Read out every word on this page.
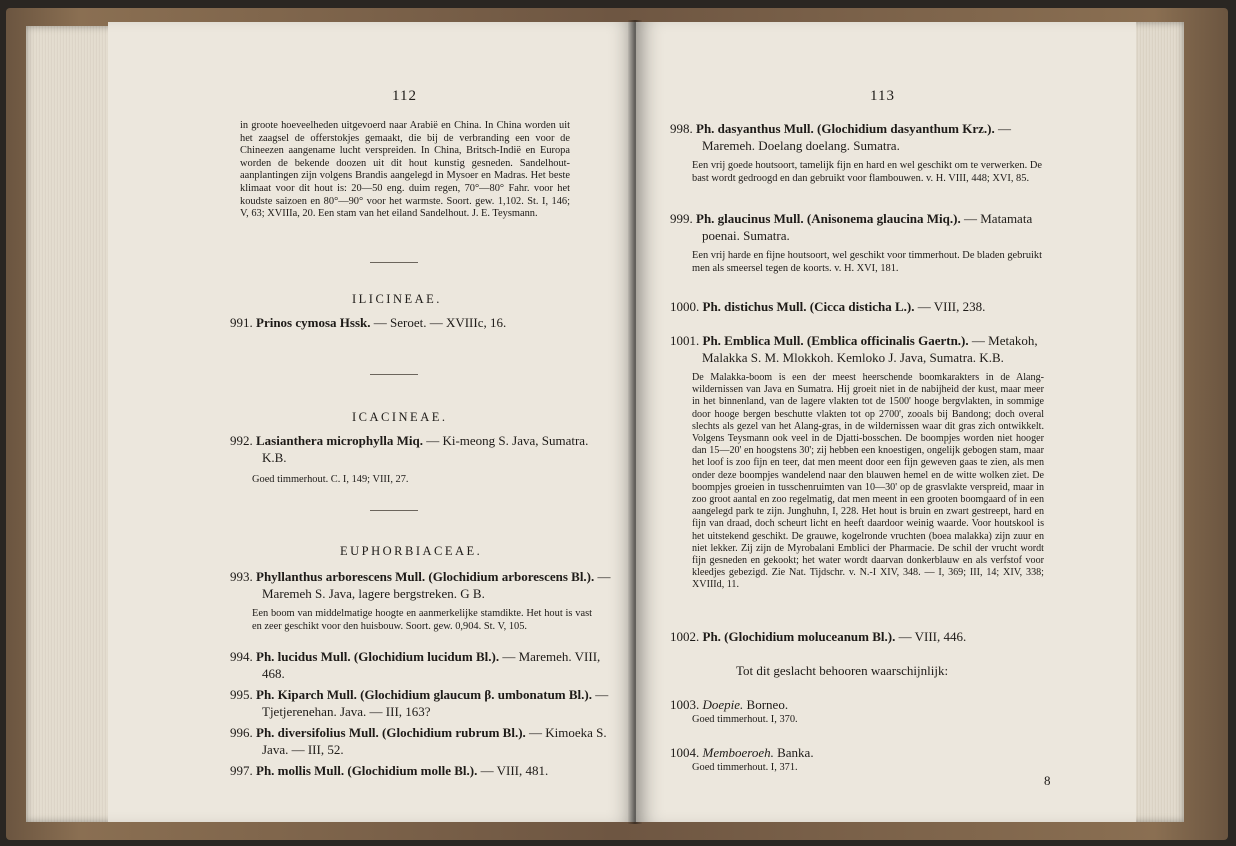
112
in groote hoeveelheden uitgevoerd naar Arabië en China. In China worden uit het zaagsel de offerstokjes gemaakt, die bij de verbranding een voor de Chineezen aangename lucht verspreiden. In China, Britsch-Indië en Europa worden de bekende doozen uit dit hout kunstig gesneden. Sandelhout-aanplantingen zijn volgens Brandis aangelegd in Mysoer en Madras. Het beste klimaat voor dit hout is: 20—50 eng. duim regen, 70°—80° Fahr. voor het koudste saizoen en 80°—90° voor het warmste. Soort. gew. 1,102. St. I, 146; V, 63; XVIIIa, 20. Een stam van het eiland Sandelhout. J. E. Teysmann.
ILICINEAE.
991. Prinos cymosa Hssk. — Seroet. — XVIIIc, 16.
ICACINEAE.
992. Lasianthera microphylla Miq. — Ki-meong S. Java, Sumatra. K.B.
Goed timmerhout. C. I, 149; VIII, 27.
EUPHORBIACEAE.
993. Phyllanthus arborescens Mull. (Glochidium arborescens Bl.). — Maremeh S. Java, lagere bergstreken. G B.
Een boom van middelmatige hoogte en aanmerkelijke stamdikte. Het hout is vast en zeer geschikt voor den huisbouw. Soort. gew. 0,904. St. V, 105.
994. Ph. lucidus Mull. (Glochidium lucidum Bl.). — Maremeh. VIII, 468.
995. Ph. Kiparch Mull. (Glochidium glaucum β. umbonatum Bl.). — Tjetjerenehan. Java. — III, 163?
996. Ph. diversifolius Mull. (Glochidium rubrum Bl.). — Kimoeka S. Java. — III, 52.
997. Ph. mollis Mull. (Glochidium molle Bl.). — VIII, 481.
113
998. Ph. dasyanthus Mull. (Glochidium dasyanthum Krz.). — Maremeh. Doelang doelang. Sumatra.
Een vrij goede houtsoort, tamelijk fijn en hard en wel geschikt om te verwerken. De bast wordt gedroogd en dan gebruikt voor flambouwen. v. H. VIII, 448; XVI, 85.
999. Ph. glaucinus Mull. (Anisonema glaucina Miq.). — Matamata poenai. Sumatra.
Een vrij harde en fijne houtsoort, wel geschikt voor timmerhout. De bladen gebruikt men als smeersel tegen de koorts. v. H. XVI, 181.
1000. Ph. distichus Mull. (Cicca disticha L.). — VIII, 238.
1001. Ph. Emblica Mull. (Emblica officinalis Gaertn.). — Metakoh, Malakka S. M. Mlokkoh. Kemloko J. Java, Sumatra. K.B.
De Malakka-boom is een der meest heerschende boomkarakters in de Alang-wildernissen van Java en Sumatra. Hij groeit niet in de nabijheid der kust, maar meer in het binnenland, van de lagere vlakten tot de 1500' hooge bergvlakten, in sommige door hooge bergen beschutte vlakten tot op 2700', zooals bij Bandong; doch overal slechts als gezel van het Alang-gras, in de wildernissen waar dit gras zich ontwikkelt. Volgens Teysmann ook veel in de Djatti-bosschen. De boompjes worden niet hooger dan 15—20' en hoogstens 30'; zij hebben een knoestigen, ongelijk gebogen stam, maar het loof is zoo fijn en teer, dat men meent door een fijn geweven gaas te zien, als men onder deze boompjes wandelend naar den blauwen hemel en de witte wolken ziet. De boompjes groeien in tusschenruimten van 10—30' op de grasvlakte verspreid, maar in zoo groot aantal en zoo regelmatig, dat men meent in een grooten boomgaard of in een aangelegd park te zijn. Junghuhn, I, 228. Het hout is bruin en zwart gestreept, hard en fijn van draad, doch scheurt licht en heeft daardoor weinig waarde. Voor houtskool is het uitstekend geschikt. De grauwe, kogelronde vruchten (boea malakka) zijn zuur en niet lekker. Zij zijn de Myrobalani Emblici der Pharmacie. De schil der vrucht wordt fijn gesneden en gekookt; het water wordt daarvan donkerblauw en als verfstof voor kleedjes gebezigd. Zie Nat. Tijdschr. v. N.-I XIV, 348. — I, 369; III, 14; XIV, 338; XVIIId, 11.
1002. Ph. (Glochidium moluceanum Bl.). — VIII, 446.
Tot dit geslacht behooren waarschijnlijk:
1003. Doepie. Borneo.
Goed timmerhout. I, 370.
1004. Memboeroeh. Banka.
Goed timmerhout. I, 371.
8
